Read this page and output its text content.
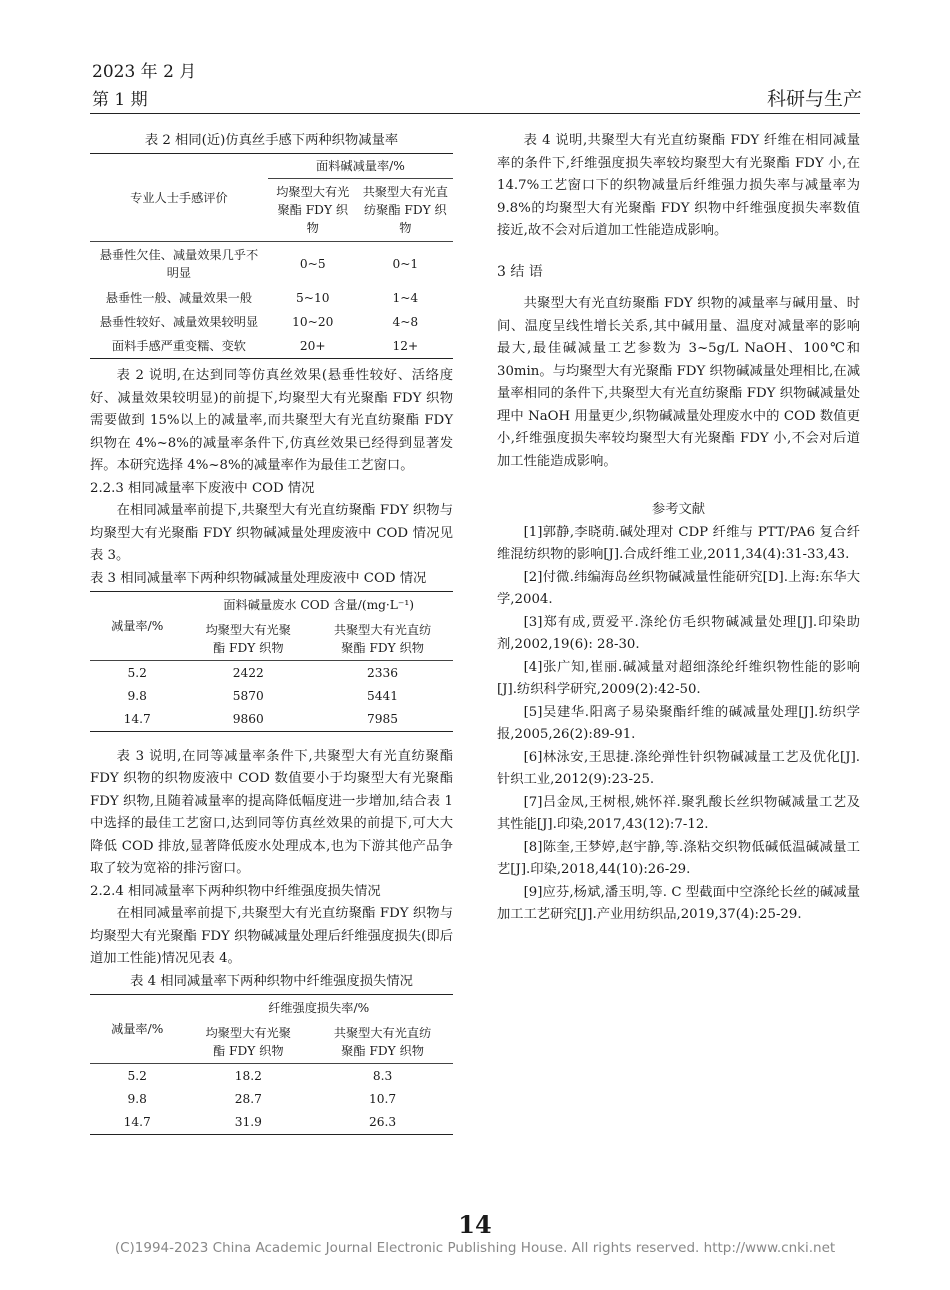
2023 年 2 月
第 1 期	科研与生产
表 2 相同(近)仿真丝手感下两种织物减量率
专业人士手感评价	面料碱减量率/%	
	均聚型大有光聚酯 FDY 织物	共聚型大有光直纺聚酯 FDY 织物
悬垂性欠佳、减量效果几乎不明显	0~5	0~1
悬垂性一般、减量效果一般	5~10	1~4
悬垂性较好、减量效果较明显	10~20	4~8
面料手感严重变糯、变软	20+	12+

表 2 说明,在达到同等仿真丝效果(悬垂性较好、活络度好、减量效果较明显)的前提下,均聚型大有光聚酯 FDY 织物需要做到 15%以上的减量率,而共聚型大有光直纺聚酯 FDY 织物在 4%~8%的减量率条件下,仿真丝效果已经得到显著发挥。本研究选择 4%~8%的减量率作为最佳工艺窗口。

2.2.3 相同减量率下废液中 COD 情况

在相同减量率前提下,共聚型大有光直纺聚酯 FDY 织物与均聚型大有光聚酯 FDY 织物碱减量处理废液中 COD 情况见表 3。

表 3 相同减量率下两种织物碱减量处理废液中 COD 情况
减量率/%	面料碱量废水 COD 含量/(mg·L⁻¹)	
	均聚型大有光聚酯 FDY 织物	共聚型大有光直纺聚酯 FDY 织物
5.2	2422	2336
9.8	5870	5441
14.7	9860	7985

表 3 说明,在同等减量率条件下,共聚型大有光直纺聚酯 FDY 织物的织物废液中 COD 数值要小于均聚型大有光聚酯 FDY 织物,且随着减量率的提高降低幅度进一步增加,结合表 1 中选择的最佳工艺窗口,达到同等仿真丝效果的前提下,可大大降低 COD 排放,显著降低废水处理成本,也为下游其他产品争取了较为宽裕的排污窗口。

2.2.4 相同减量率下两种织物中纤维强度损失情况

在相同减量率前提下,共聚型大有光直纺聚酯 FDY 织物与均聚型大有光聚酯 FDY 织物碱减量处理后纤维强度损失(即后道加工性能)情况见表 4。

表 4 相同减量率下两种织物中纤维强度损失情况
减量率/%	纤维强度损失率/%	
	均聚型大有光聚酯 FDY 织物	共聚型大有光直纺聚酯 FDY 织物
5.2	18.2	8.3
9.8	28.7	10.7
14.7	31.9	26.3

表 4 说明,共聚型大有光直纺聚酯 FDY 纤维在相同减量率的条件下,纤维强度损失率较均聚型大有光聚酯 FDY 小,在 14.7%工艺窗口下的织物减量后纤维强力损失率与减量率为 9.8%的均聚型大有光聚酯 FDY 织物中纤维强度损失率数值接近,故不会对后道加工性能造成影响。

3 结 语

共聚型大有光直纺聚酯 FDY 织物的减量率与碱用量、时间、温度呈线性增长关系,其中碱用量、温度对减量率的影响最大,最佳碱减量工艺参数为 3~5g/L NaOH、100℃和 30min。与均聚型大有光聚酯 FDY 织物碱减量处理相比,在减量率相同的条件下,共聚型大有光直纺聚酯 FDY 织物碱减量处理中 NaOH 用量更少,织物碱减量处理废水中的 COD 数值更小,纤维强度损失率较均聚型大有光聚酯 FDY 小,不会对后道加工性能造成影响。

参考文献

[1]郭静,李晓萌.碱处理对 CDP 纤维与 PTT/PA6 复合纤维混纺织物的影响[J].合成纤维工业,2011,34(4):31-33,43.

[2]付微.纬编海岛丝织物碱减量性能研究[D].上海:东华大学,2004.

[3]郑有成,贾爱平.涤纶仿毛织物碱减量处理[J].印染助剂,2002,19(6): 28-30.

[4]张广知,崔丽.碱减量对超细涤纶纤维织物性能的影响[J].纺织科学研究,2009(2):42-50.

[5]吴建华.阳离子易染聚酯纤维的碱减量处理[J].纺织学报,2005,26(2):89-91.

[6]林泳安,王思捷.涤纶弹性针织物碱减量工艺及优化[J].针织工业,2012(9):23-25.

[7]吕金凤,王树根,姚怀祥.聚乳酸长丝织物碱减量工艺及其性能[J].印染,2017,43(12):7-12.

[8]陈奎,王梦婷,赵宇静,等.涤粘交织物低碱低温碱减量工艺[J].印染,2018,44(10):26-29.

[9]应芬,杨斌,潘玉明,等. C 型截面中空涤纶长丝的碱减量加工工艺研究[J].产业用纺织品,2019,37(4):25-29.

14
(C)1994-2023 China Academic Journal Electronic Publishing House. All rights reserved. http://www.cnki.net
